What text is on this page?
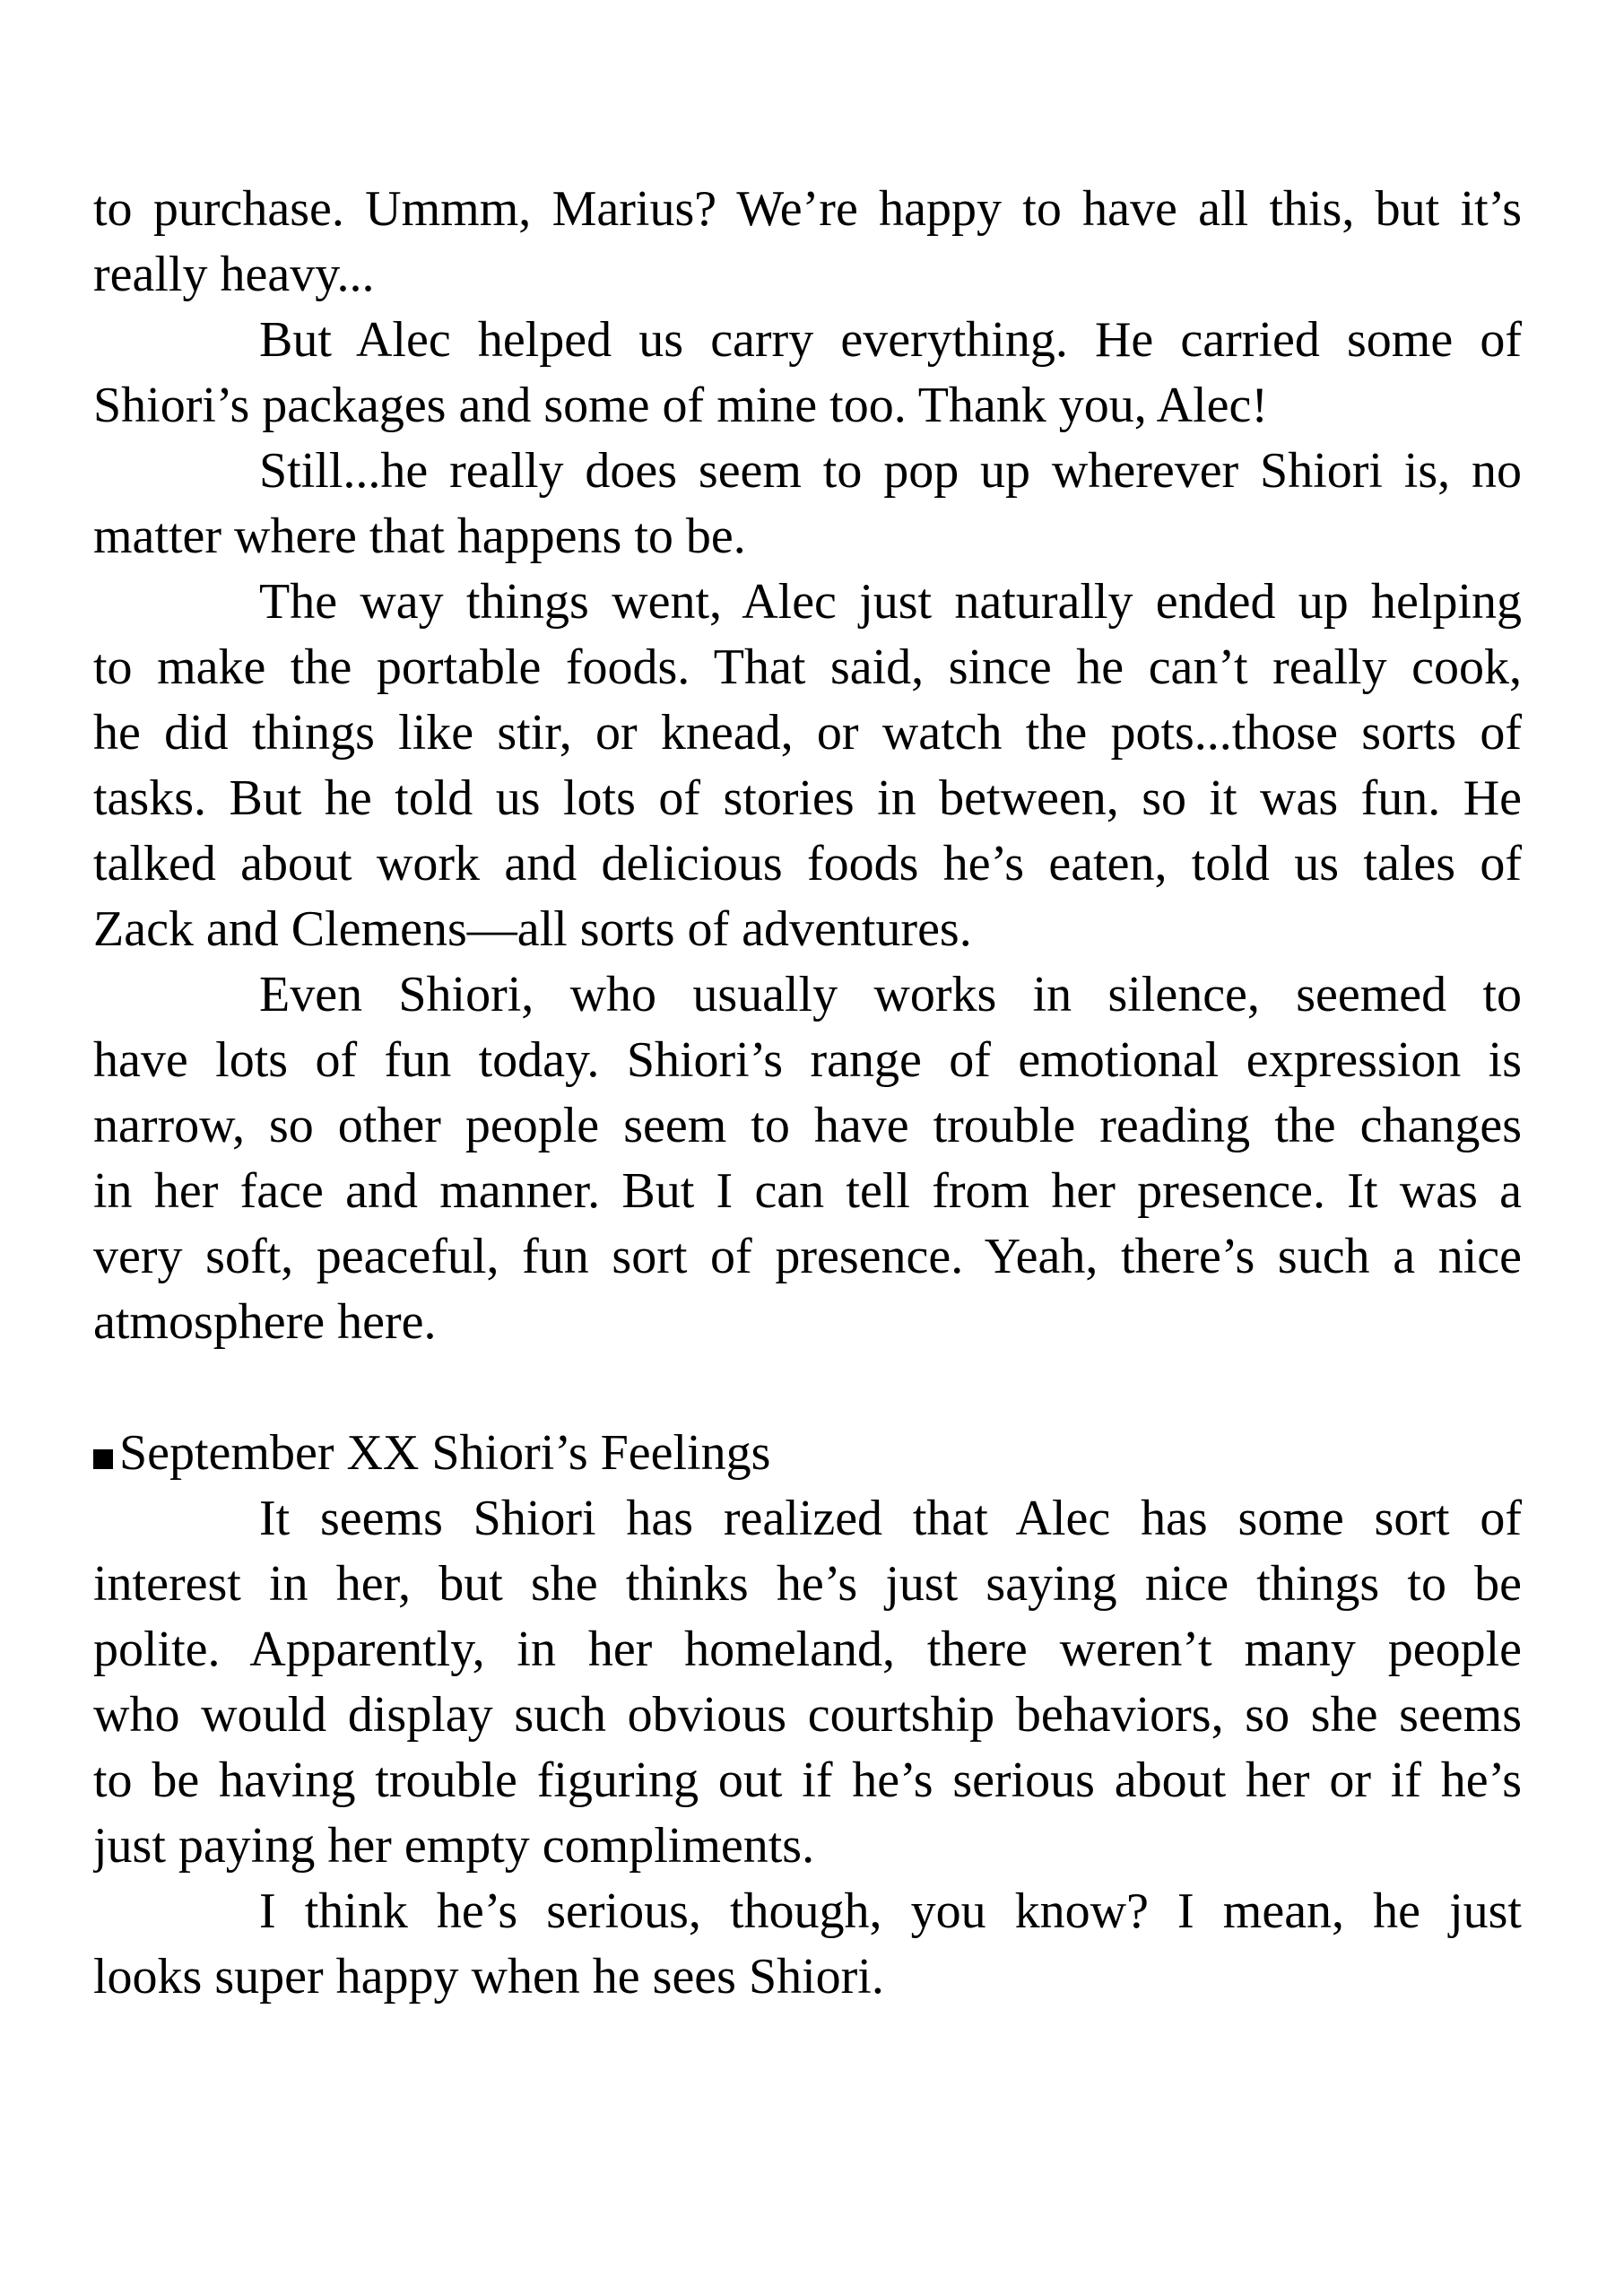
to purchase. Ummm, Marius? We’re happy to have all this, but it’s
really heavy...
But Alec helped us carry everything. He carried some of
Shiori’s packages and some of mine too. Thank you, Alec!
Still...he really does seem to pop up wherever Shiori is, no
matter where that happens to be.
The way things went, Alec just naturally ended up helping
to make the portable foods. That said, since he can’t really cook,
he did things like stir, or knead, or watch the pots...those sorts of
tasks. But he told us lots of stories in between, so it was fun. He
talked about work and delicious foods he’s eaten, told us tales of
Zack and Clemens—all sorts of adventures.
Even Shiori, who usually works in silence, seemed to
have lots of fun today. Shiori’s range of emotional expression is
narrow, so other people seem to have trouble reading the changes
in her face and manner. But I can tell from her presence. It was a
very soft, peaceful, fun sort of presence. Yeah, there’s such a nice
atmosphere here.
September XX Shiori’s Feelings
It seems Shiori has realized that Alec has some sort of
interest in her, but she thinks he’s just saying nice things to be
polite. Apparently, in her homeland, there weren’t many people
who would display such obvious courtship behaviors, so she seems
to be having trouble figuring out if he’s serious about her or if he’s
just paying her empty compliments.
I think he’s serious, though, you know? I mean, he just
looks super happy when he sees Shiori.
